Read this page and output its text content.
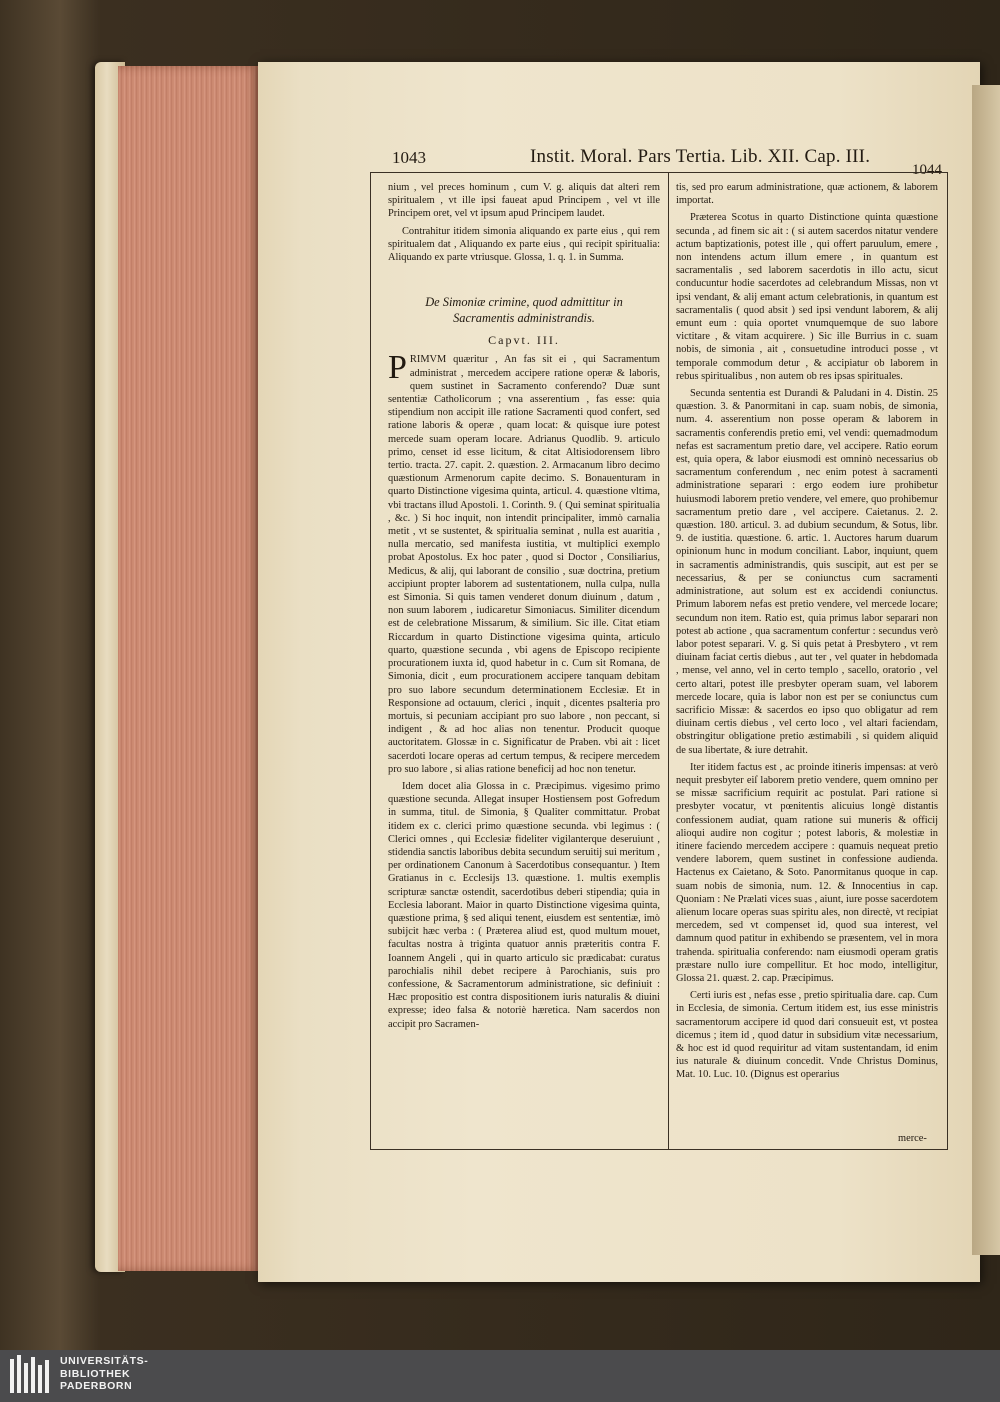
1043	Instit. Moral. Pars Tertia. Lib. XII. Cap. III.
1044

nium , vel preces hominum , cum V. g. aliquis dat alteri rem spiritualem , vt ille ipsi faueat apud Principem , vel vt ille Principem oret, vel vt ipsum apud Principem laudet.

Contrahitur itidem simonia aliquando ex parte eius , qui rem spiritualem dat , Aliquando ex parte eius , qui recipit spiritualia: Aliquando ex parte vtriusque. Glossa, 1. q. 1. in Summa.

De Simoniæ crimine, quod admittitur in Sacramentis administrandis.
Capvt. III.

PRIMVM quæritur , An fas sit ei , qui Sacramentum administrat , mercedem accipere ratione operæ & laboris, quem sustinet in Sacramento conferendo? Duæ sunt sententiæ Catholicorum ; vna asserentium , fas esse: quia stipendium non accipit ille ratione Sacramenti quod confert, sed ratione laboris & operæ , quam locat: & quisque iure potest mercede suam operam locare. Adrianus Quodlib. 9. articulo primo, censet id esse licitum, & citat Altisiodorensem libro tertio. tracta. 27. capit. 2. quæstion. 2. Armacanum libro decimo quæstionum Armenorum capite decimo. S. Bonauenturam in quarto Distinctione vigesima quinta, articul. 4. quæstione vltima, vbi tractans illud Apostoli. 1. Corinth. 9. ( Qui seminat spiritualia , &c. ) Si hoc inquit, non intendit principaliter, immò carnalia metit , vt se sustentet, & spiritualia seminat , nulla est auaritia , nulla mercatio, sed manifesta iustitia, vt multiplici exemplo probat Apostolus. Ex hoc pater , quod si Doctor , Consiliarius, Medicus, & alij, qui laborant de consilio , suæ doctrina, pretium accipiunt propter laborem ad sustentationem, nulla culpa, nulla est Simonia. Si quis tamen venderet donum diuinum , datum , non suum laborem , iudicaretur Simoniacus. Similiter dicendum est de celebratione Missarum, & similium. Sic ille. Citat etiam Riccardum in quarto Distinctione vigesima quinta, articulo quarto, quæstione secunda , vbi agens de Episcopo recipiente procurationem iuxta id, quod habetur in c. Cum sit Romana, de Simonia, dicit , eum procurationem accipere tanquam debitam pro suo labore secundum determinationem Ecclesiæ. Et in Responsione ad octauum, clerici , inquit , dicentes psalteria pro mortuis, si pecuniam accipiant pro suo labore , non peccant, si indigent , & ad hoc alias non tenentur. Producit quoque auctoritatem. Glossæ in c. Significatur de Praben. vbi ait : licet sacerdoti locare operas ad certum tempus, & recipere mercedem pro suo labore , si alias ratione beneficij ad hoc non tenetur.

Idem docet alia Glossa in c. Præcipimus. vigesimo primo quæstione secunda. Allegat insuper Hostiensem post Gofredum in summa, titul. de Simonia, § Qualiter committatur. Probat itidem ex c. clerici primo quæstione secunda. vbi legimus : ( Clerici omnes , qui Ecclesiæ fideliter vigilanterque deseruiunt , stidendia sanctis laboribus debita secundum seruitij sui meritum , per ordinationem Canonum à Sacerdotibus consequantur. ) Item Gratianus in c. Ecclesijs 13. quæstione. 1. multis exemplis scripturæ sanctæ ostendit, sacerdotibus deberi stipendia; quia in Ecclesia laborant. Maior in quarto Distinctione vigesima quinta, quæstione prima, § sed aliqui tenent, eiusdem est sententiæ, imò subijcit hæc verba : ( Præterea aliud est, quod multum mouet, facultas nostra à triginta quatuor annis præteritis contra F. Ioannem Angeli , qui in quarto articulo sic prædicabat: curatus parochialis nihil debet recipere à Parochianis, suis pro confessione, & Sacramentorum administratione, sic definiuit : Hæc propositio est contra dispositionem iuris naturalis & diuini expresse; ideo falsa & notoriè hæretica. Nam sacerdos non accipit pro Sacramen-

tis, sed pro earum administratione, quæ actionem, & laborem importat.

Præterea Scotus in quarto Distinctione quinta quæstione secunda , ad finem sic ait : ( si autem sacerdos nitatur vendere actum baptizationis, potest ille , qui offert paruulum, emere , non intendens actum illum emere , in quantum est sacramentalis , sed laborem sacerdotis in illo actu, sicut conducuntur hodie sacerdotes ad celebrandum Missas, non vt ipsi vendant, & alij emant actum celebrationis, in quantum est sacramentalis ( quod absit ) sed ipsi vendunt laborem, & alij emunt eum : quia oportet vnumquemque de suo labore victitare , & vitam acquirere. ) Sic ille Burrius in c. suam nobis, de simonia , ait , consuetudine introduci posse , vt temporale commodum detur , & accipiatur ob laborem in rebus spiritualibus , non autem ob res ipsas spirituales.

Secunda sententia est Durandi & Paludani in 4. Distin. 25 quæstion. 3. & Panormitani in cap. suam nobis, de simonia, num. 4. asserentium non posse operam & laborem in sacramentis conferendis pretio emi, vel vendi: quemadmodum nefas est sacramentum pretio dare, vel accipere. Ratio eorum est, quia opera, & labor eiusmodi est omninò necessarius ob sacramentum conferendum , nec enim potest à sacramenti administratione separari : ergo eodem iure prohibetur huiusmodi laborem pretio vendere, vel emere, quo prohibemur sacramentum pretio dare , vel accipere. Caietanus. 2. 2. quæstion. 180. articul. 3. ad dubium secundum, & Sotus, libr. 9. de iustitia. quæstione. 6. artic. 1. Auctores harum duarum opinionum hunc in modum conciliant. Labor, inquiunt, quem in sacramentis administrandis, quis suscipit, aut est per se necessarius, & per se coniunctus cum sacramenti administratione, aut solum est ex accidendi coniunctus. Primum laborem nefas est pretio vendere, vel mercede locare; secundum non item. Ratio est, quia primus labor separari non potest ab actione , qua sacramentum confertur : secundus verò labor potest separari. V. g. Si quis petat à Presbytero , vt rem diuinam faciat certis diebus , aut ter , vel quater in hebdomada , mense, vel anno, vel in certo templo , sacello, oratorio , vel certo altari, potest ille presbyter operam suam, vel laborem mercede locare, quia is labor non est per se coniunctus cum sacrificio Missæ: & sacerdos eo ipso quo obligatur ad rem diuinam certis diebus , vel certo loco , vel altari faciendam, obstringitur obligatione pretio æstimabili , si quidem aliquid de sua libertate, & iure detrahit.

Iter itidem factus est , ac proinde itineris impensas: at verò nequit presbyter eiſ laborem pretio vendere, quem omnino per se missæ sacrificium requirit ac postulat. Pari ratione si presbyter vocatur, vt pœnitentis alicuius longè distantis confessionem audiat, quam ratione sui muneris & officij alioqui audire non cogitur ; potest laboris, & molestiæ in itinere faciendo mercedem accipere : quamuis nequeat pretio vendere laborem, quem sustinet in confessione audienda. Hactenus ex Caietano, & Soto. Panormitanus quoque in cap. suam nobis de simonia, num. 12. & Innocentius in cap. Quoniam : Ne Prælati vices suas , aiunt, iure posse sacerdotem alienum locare operas suas spiritu ales, non directè, vt recipiat mercedem, sed vt compenset id, quod sua interest, vel damnum quod patitur in exhibendo se præsentem, vel in mora trahenda. spiritualia conferendo: nam eiusmodi operam gratis præstare nullo iure compellitur. Et hoc modo, intelligitur, Glossa 21. quæst. 2. cap. Præcipimus.

Certi iuris est , nefas esse , pretio spiritualia dare. cap. Cum in Ecclesia, de simonia. Certum itidem est, ius esse ministris sacramentorum accipere id quod dari consueuit est, vt postea dicemus ; item id , quod datur in subsidium vitæ necessarium, & hoc est id quod requiritur ad vitam sustentandam, id enim ius naturale & diuinum concedit. Vnde Christus Dominus, Mat. 10. Luc. 10. (Dignus est operarius

merce-
UNIVERSITÄTS-
BIBLIOTHEK
PADERBORN
